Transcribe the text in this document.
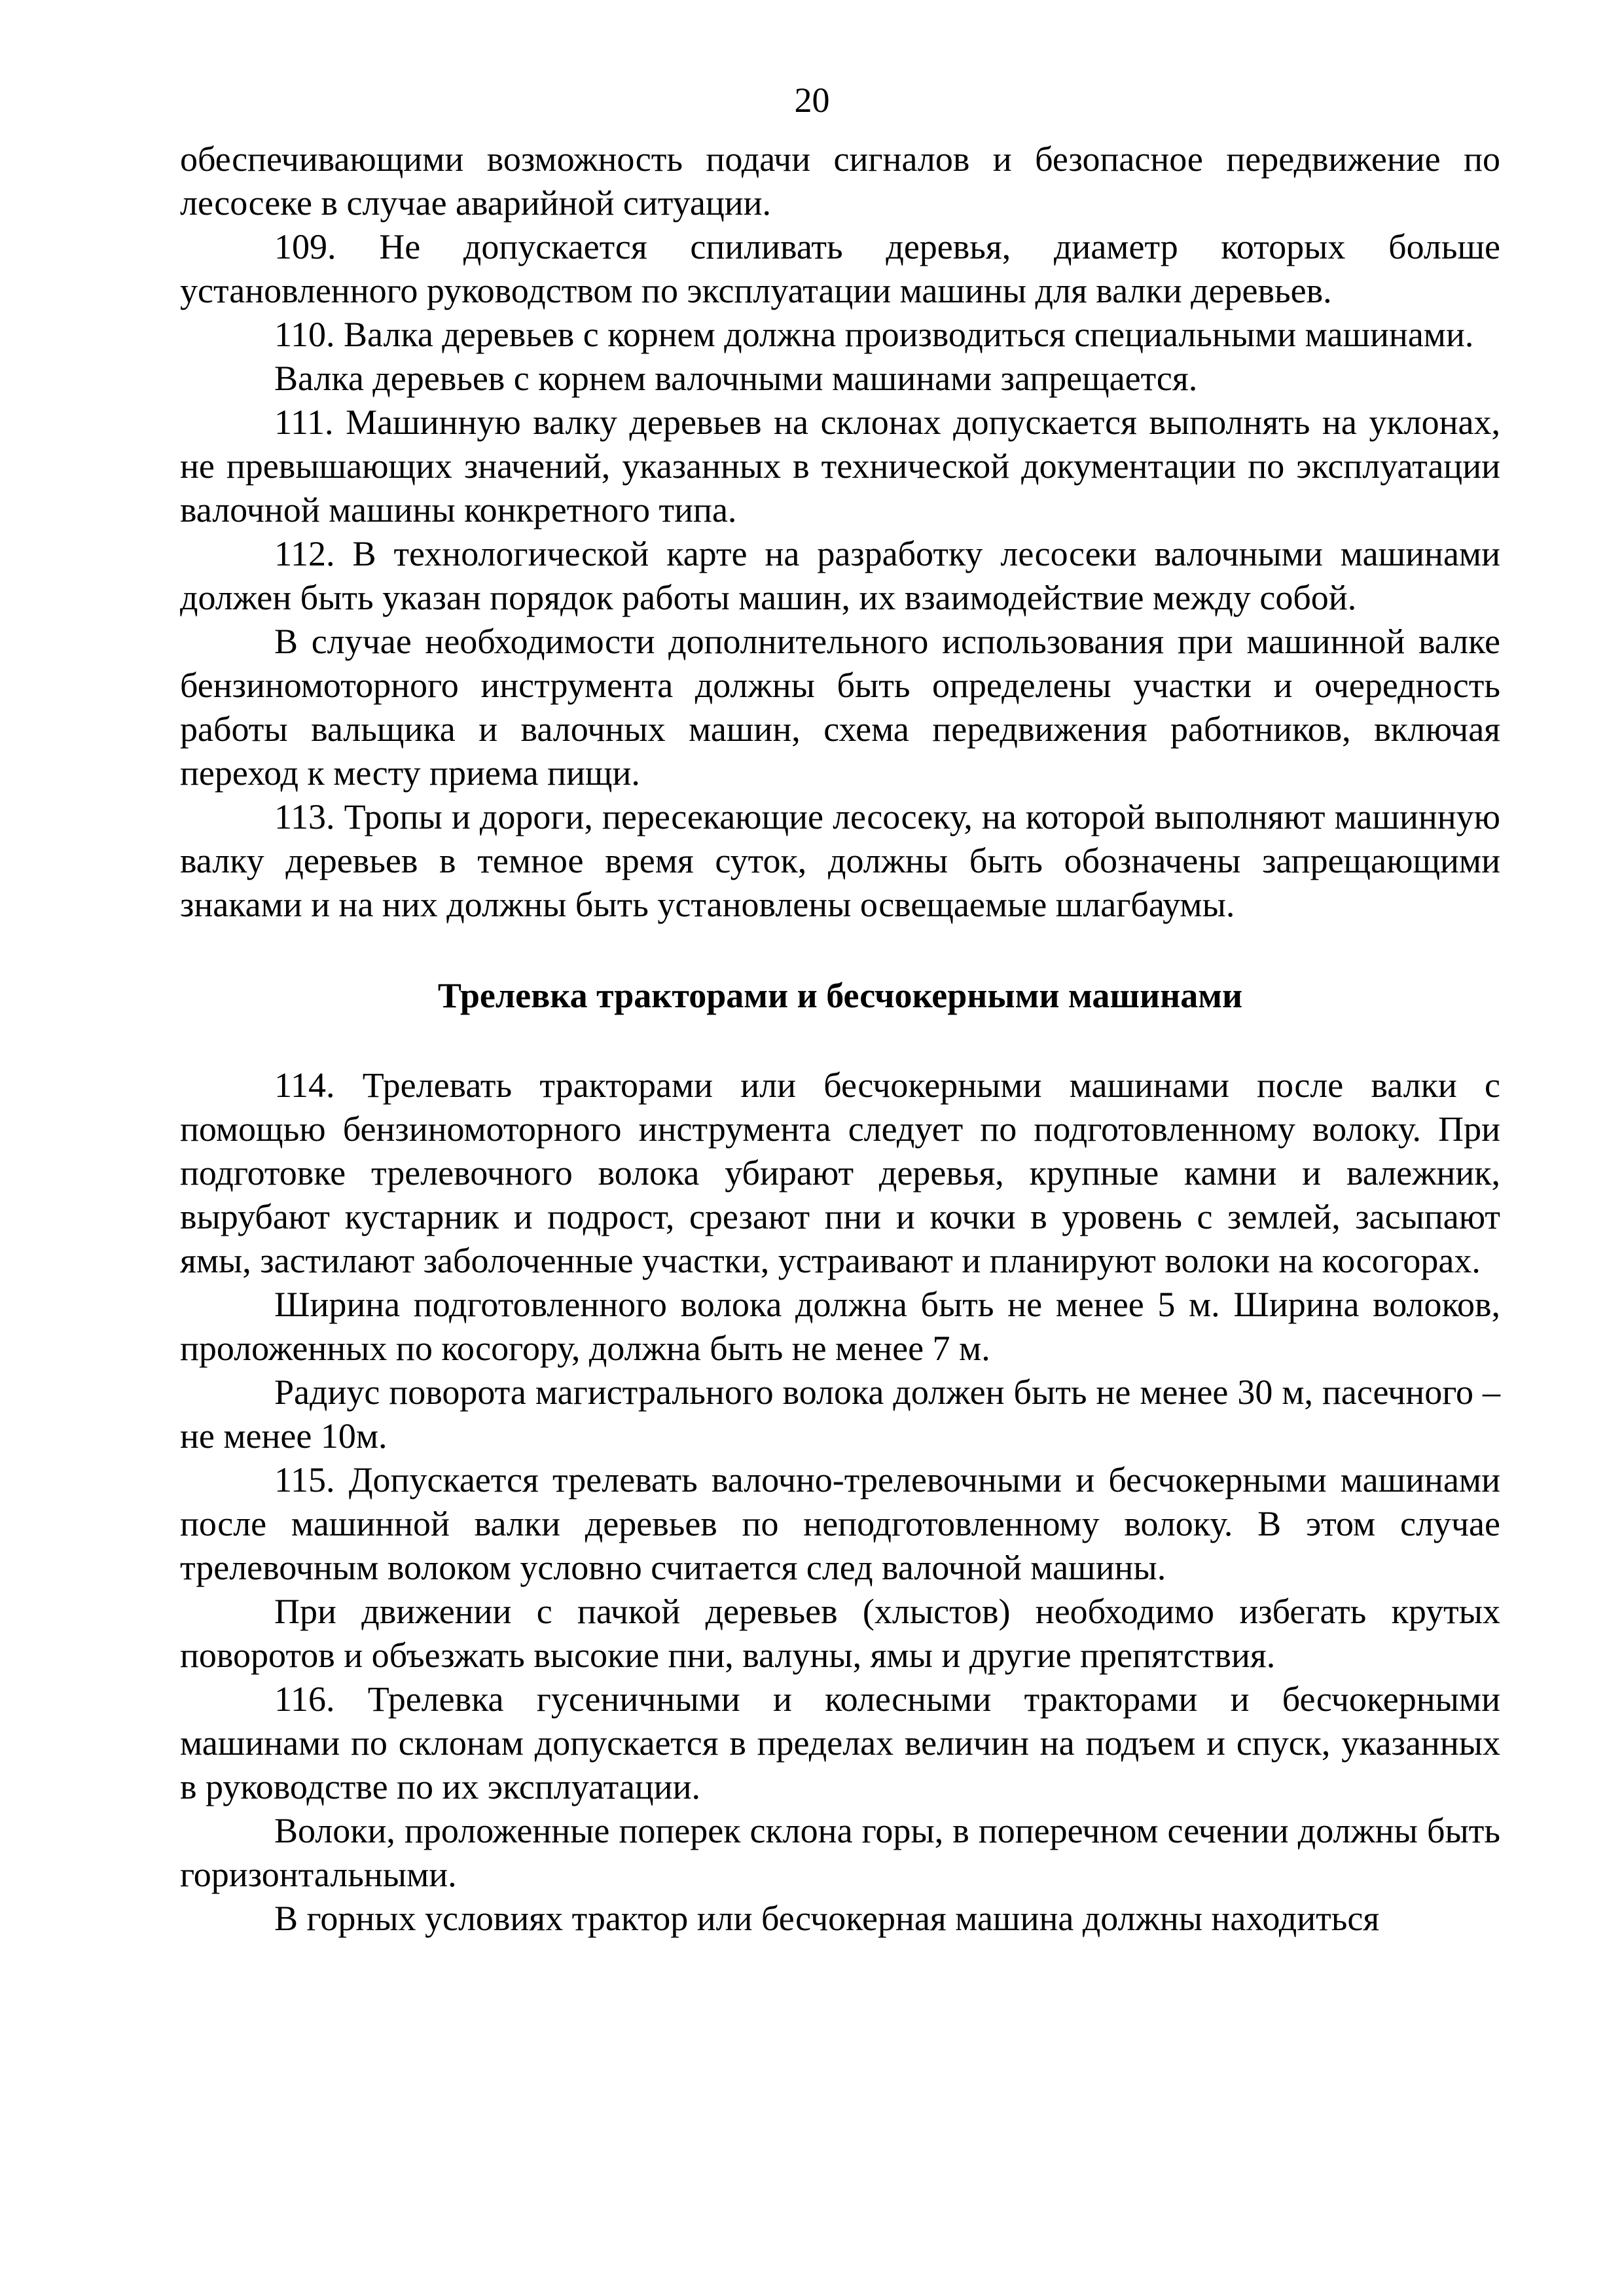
20

обеспечивающими возможность подачи сигналов и безопасное передвижение по лесосеке в случае аварийной ситуации.

109. Не допускается спиливать деревья, диаметр которых больше установленного руководством по эксплуатации машины для валки деревьев.

110. Валка деревьев с корнем должна производиться специальными машинами.

Валка деревьев с корнем валочными машинами запрещается.

111. Машинную валку деревьев на склонах допускается выполнять на уклонах, не превышающих значений, указанных в технической документации по эксплуатации валочной машины конкретного типа.

112. В технологической карте на разработку лесосеки валочными машинами должен быть указан порядок работы машин, их взаимодействие между собой.

В случае необходимости дополнительного использования при машинной валке бензиномоторного инструмента должны быть определены участки и очередность работы вальщика и валочных машин, схема передвижения работников, включая переход к месту приема пищи.

113. Тропы и дороги, пересекающие лесосеку, на которой выполняют машинную валку деревьев в темное время суток, должны быть обозначены запрещающими знаками и на них должны быть установлены освещаемые шлагбаумы.

Трелевка тракторами и бесчокерными машинами

114. Трелевать тракторами или бесчокерными машинами после валки с помощью бензиномоторного инструмента следует по подготовленному волоку. При подготовке трелевочного волока убирают деревья, крупные камни и валежник, вырубают кустарник и подрост, срезают пни и кочки в уровень с землей, засыпают ямы, застилают заболоченные участки, устраивают и планируют волоки на косогорах.

Ширина подготовленного волока должна быть не менее 5 м. Ширина волоков, проложенных по косогору, должна быть не менее 7 м.

Радиус поворота магистрального волока должен быть не менее 30 м, пасечного – не менее 10м.

115. Допускается трелевать валочно-трелевочными и бесчокерными машинами после машинной валки деревьев по неподготовленному волоку. В этом случае трелевочным волоком условно считается след валочной машины.

При движении с пачкой деревьев (хлыстов) необходимо избегать крутых поворотов и объезжать высокие пни, валуны, ямы и другие препятствия.

116. Трелевка гусеничными и колесными тракторами и бесчокерными машинами по склонам допускается в пределах величин на подъем и спуск, указанных в руководстве по их эксплуатации.

Волоки, проложенные поперек склона горы, в поперечном сечении должны быть горизонтальными.

В горных условиях трактор или бесчокерная машина должны находиться
